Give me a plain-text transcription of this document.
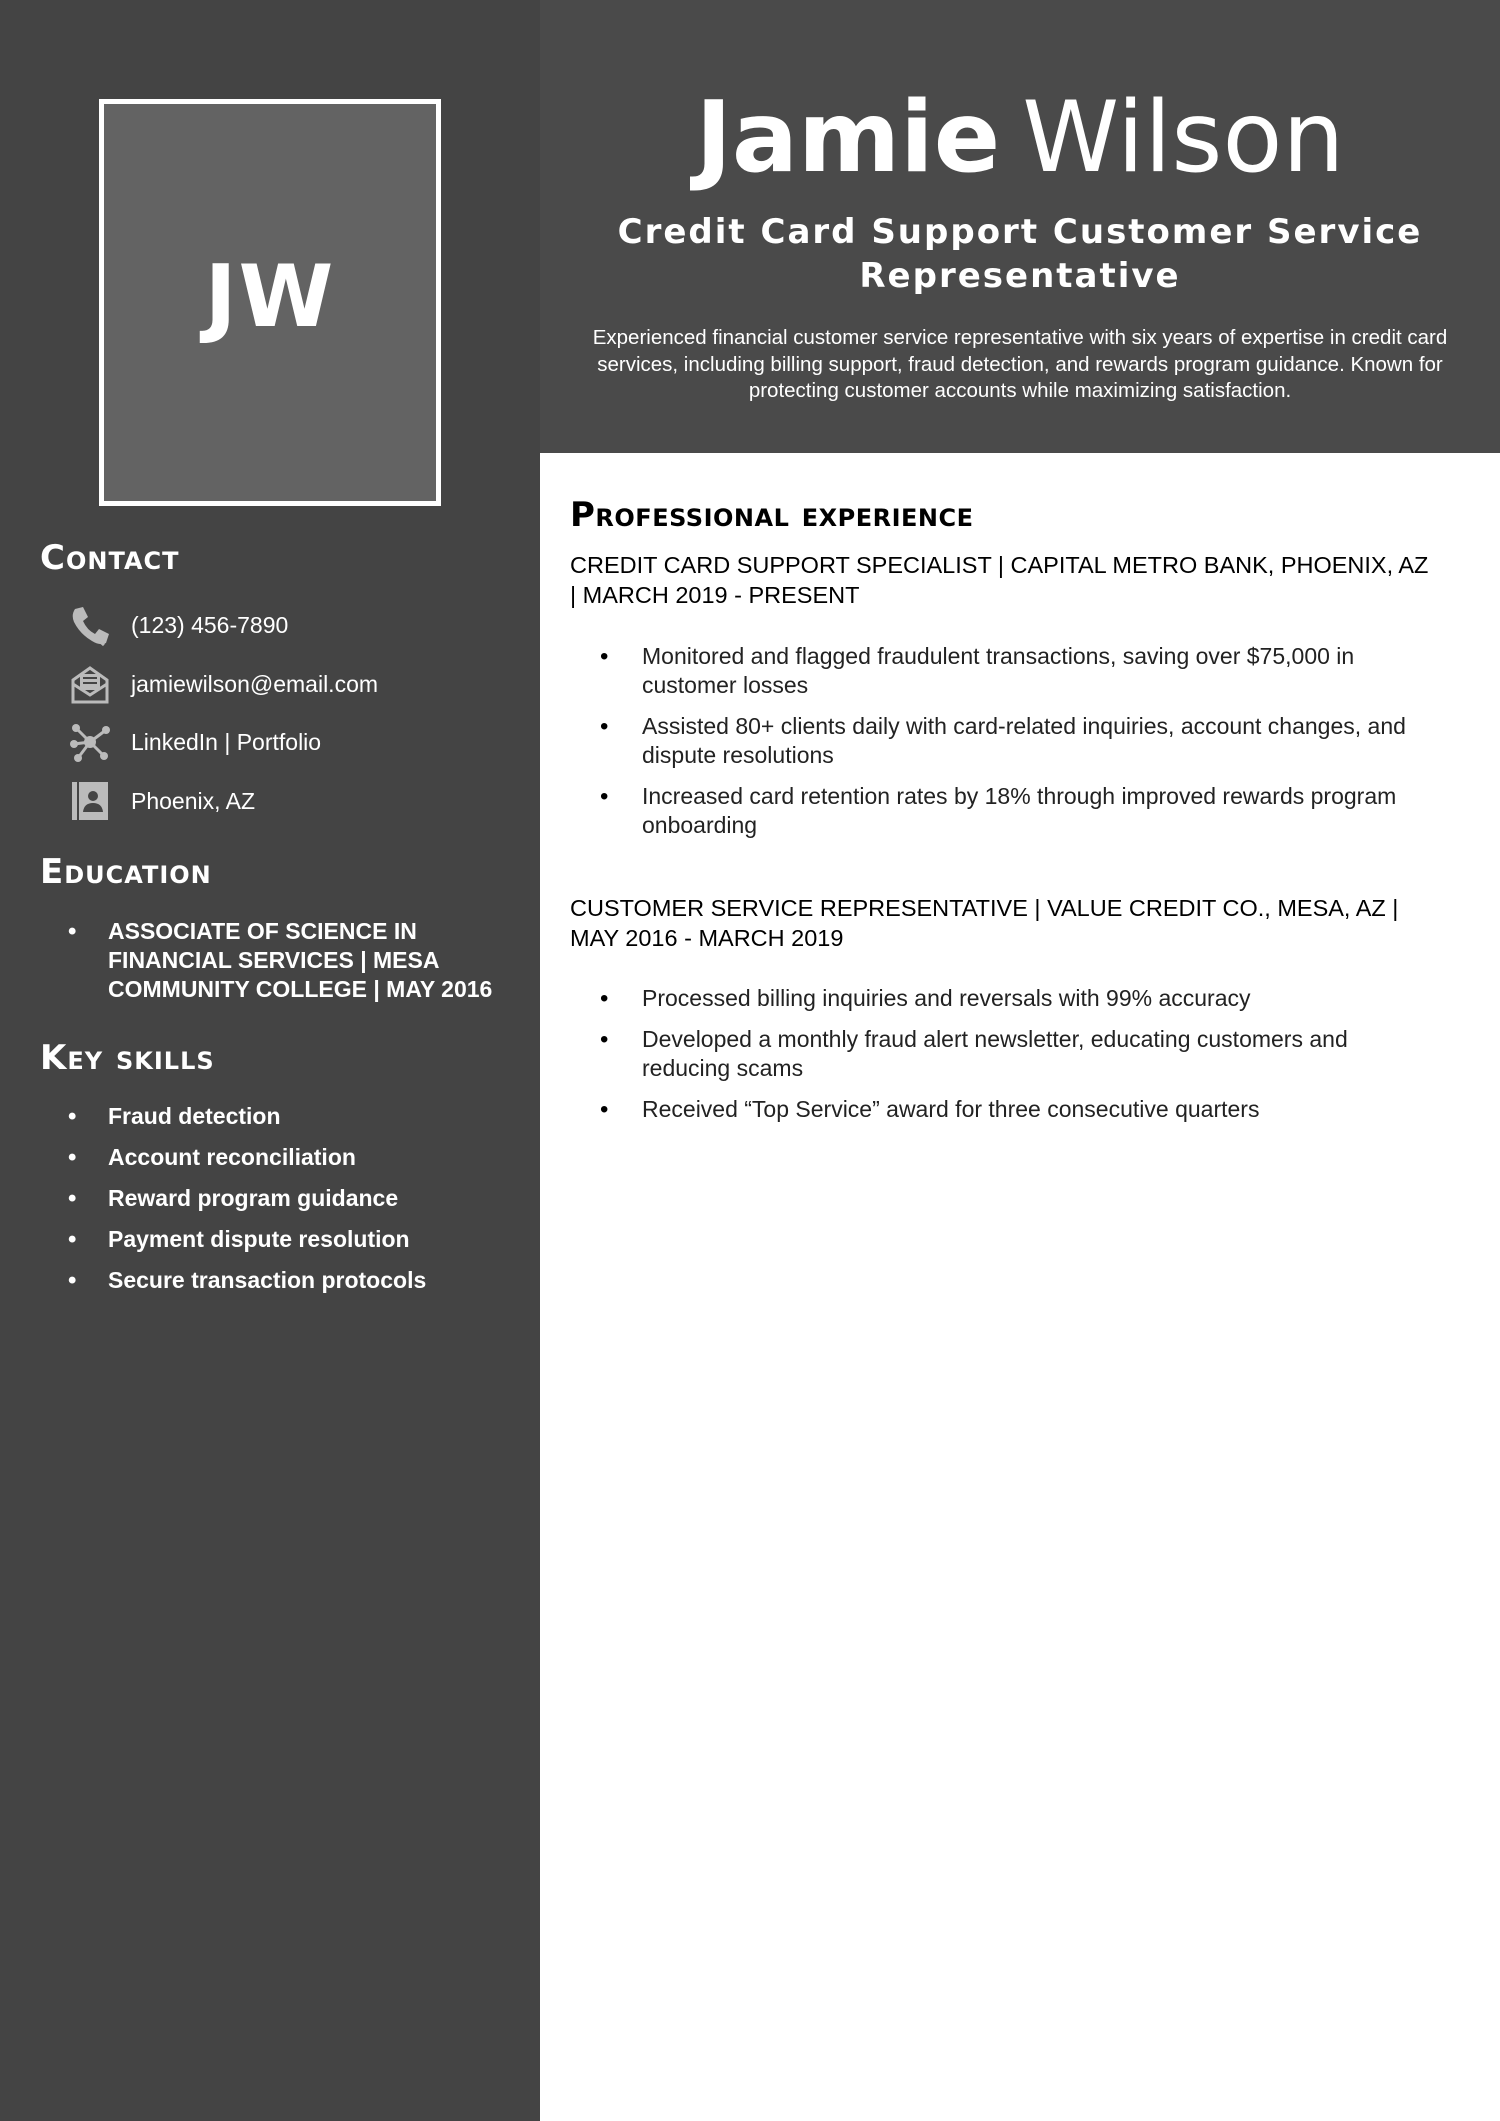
JW
Contact
(123) 456-7890
jamiewilson@email.com
LinkedIn | Portfolio
Phoenix, AZ
Education
• ASSOCIATE OF SCIENCE IN FINANCIAL SERVICES | MESA COMMUNITY COLLEGE | MAY 2016
Key skills
• Fraud detection
• Account reconciliation
• Reward program guidance
• Payment dispute resolution
• Secure transaction protocols
Jamie Wilson
Credit Card Support Customer Service Representative

Experienced financial customer service representative with six years of expertise in credit card services, including billing support, fraud detection, and rewards program guidance. Known for protecting customer accounts while maximizing satisfaction.

Professional experience
CREDIT CARD SUPPORT SPECIALIST | CAPITAL METRO BANK, PHOENIX, AZ | MARCH 2019 - PRESENT
• Monitored and flagged fraudulent transactions, saving over $75,000 in customer losses
• Assisted 80+ clients daily with card-related inquiries, account changes, and dispute resolutions
• Increased card retention rates by 18% through improved rewards program onboarding
CUSTOMER SERVICE REPRESENTATIVE | VALUE CREDIT CO., MESA, AZ | MAY 2016 - MARCH 2019
• Processed billing inquiries and reversals with 99% accuracy
• Developed a monthly fraud alert newsletter, educating customers and reducing scams
• Received “Top Service” award for three consecutive quarters
